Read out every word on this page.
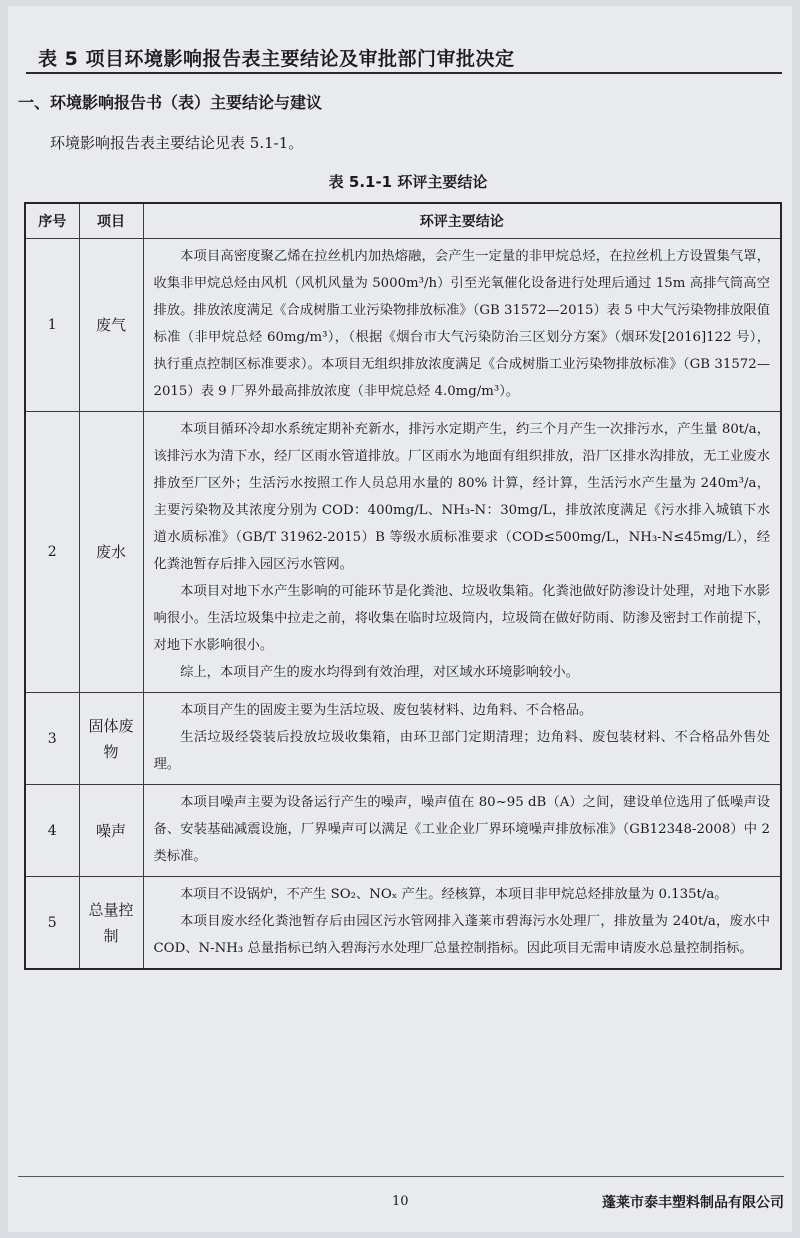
表 5 项目环境影响报告表主要结论及审批部门审批决定
一、环境影响报告书（表）主要结论与建议
环境影响报告表主要结论见表 5.1-1。
表 5.1-1 环评主要结论
序号	项目	环评主要结论
1	废气	本项目高密度聚乙烯在拉丝机内加热熔融，会产生一定量的非甲烷总烃，在拉丝机上方设置集气罩，收集非甲烷总烃由风机（风机风量为 5000m³/h）引至光氧催化设备进行处理后通过 15m 高排气筒高空排放。排放浓度满足《合成树脂工业污染物排放标准》（GB 31572—2015）表 5 中大气污染物排放限值标准（非甲烷总烃 60mg/m³），（根据《烟台市大气污染防治三区划分方案》（烟环发[2016]122 号），执行重点控制区标准要求）。本项目无组织排放浓度满足《合成树脂工业污染物排放标准》（GB 31572—2015）表 9 厂界外最高排放浓度（非甲烷总烃 4.0mg/m³）。

2	废水	本项目循环冷却水系统定期补充新水，排污水定期产生，约三个月产生一次排污水，产生量 80t/a，该排污水为清下水，经厂区雨水管道排放。厂区雨水为地面有组织排放，沿厂区排水沟排放，无工业废水排放至厂区外；生活污水按照工作人员总用水量的 80% 计算，经计算，生活污水产生量为 240m³/a，主要污染物及其浓度分别为 COD：400mg/L、NH₃-N：30mg/L，排放浓度满足《污水排入城镇下水道水质标准》（GB/T 31962-2015）B 等级水质标准要求（COD≤500mg/L，NH₃-N≤45mg/L），经化粪池暂存后排入园区污水管网。

本项目对地下水产生影响的可能环节是化粪池、垃圾收集箱。化粪池做好防渗设计处理，对地下水影响很小。生活垃圾集中拉走之前，将收集在临时垃圾筒内，垃圾筒在做好防雨、防渗及密封工作前提下，对地下水影响很小。

综上，本项目产生的废水均得到有效治理，对区域水环境影响较小。

3	固体废物	本项目产生的固废主要为生活垃圾、废包装材料、边角料、不合格品。

生活垃圾经袋装后投放垃圾收集箱，由环卫部门定期清理；边角料、废包装材料、不合格品外售处理。

4	噪声	本项目噪声主要为设备运行产生的噪声，噪声值在 80~95 dB（A）之间，建设单位选用了低噪声设备、安装基础减震设施，厂界噪声可以满足《工业企业厂界环境噪声排放标准》（GB12348-2008）中 2 类标准。

5	总量控制	本项目不设锅炉，不产生 SO₂、NOₓ 产生。经核算，本项目非甲烷总烃排放量为 0.135t/a。

本项目废水经化粪池暂存后由园区污水管网排入蓬莱市碧海污水处理厂，排放量为 240t/a，废水中 COD、N-NH₃ 总量指标已纳入碧海污水处理厂总量控制指标。因此项目无需申请废水总量控制指标。

10	蓬莱市泰丰塑料制品有限公司
